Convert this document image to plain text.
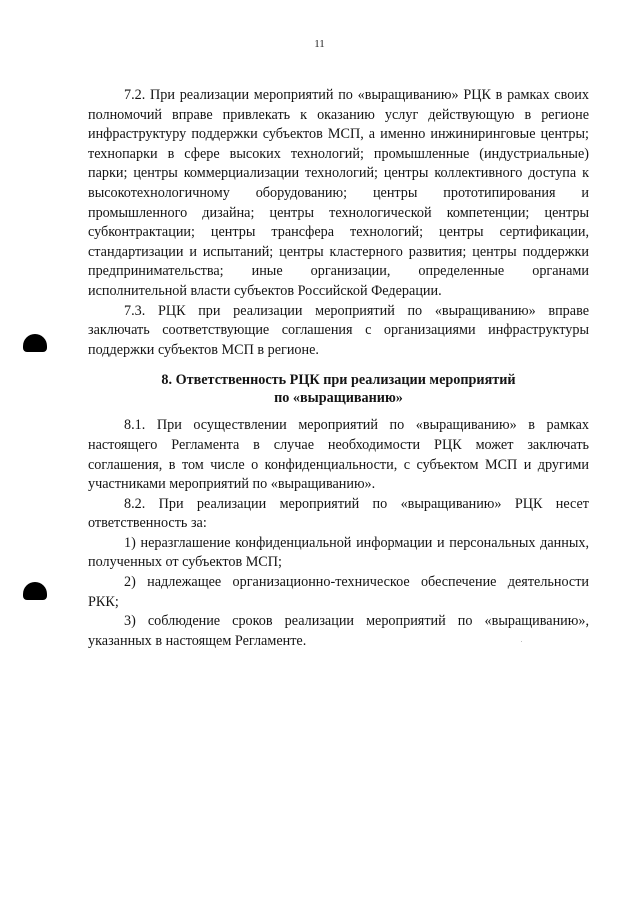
11

7.2. При реализации мероприятий по «выращиванию» РЦК в рамках своих полномочий вправе привлекать к оказанию услуг действующую в регионе инфраструктуру поддержки субъектов МСП, а именно инжиниринговые центры; технопарки в сфере высоких технологий; промышленные (индустриальные) парки; центры коммерциализации технологий; центры коллективного доступа к высокотехнологичному оборудованию; центры прототипирования и промышленного дизайна; центры технологической компетенции; центры субконтрактации; центры трансфера технологий; центры сертификации, стандартизации и испытаний; центры кластерного развития; центры поддержки предпринимательства; иные организации, определенные органами исполнительной власти субъектов Российской Федерации.

7.3. РЦК при реализации мероприятий по «выращиванию» вправе заключать соответствующие соглашения с организациями инфраструктуры поддержки субъектов МСП в регионе.

8. Ответственность РЦК при реализации мероприятий
по «выращиванию»

8.1. При осуществлении мероприятий по «выращиванию» в рамках настоящего Регламента в случае необходимости РЦК может заключать соглашения, в том числе о конфиденциальности, с субъектом МСП и другими участниками мероприятий по «выращиванию».

8.2. При реализации мероприятий по «выращиванию» РЦК несет ответственность за:

1) неразглашение конфиденциальной информации и персональных данных, полученных от субъектов МСП;

2) надлежащее организационно-техническое обеспечение деятельности РКК;

3) соблюдение сроков реализации мероприятий по «выращиванию», указанных в настоящем Регламенте.
